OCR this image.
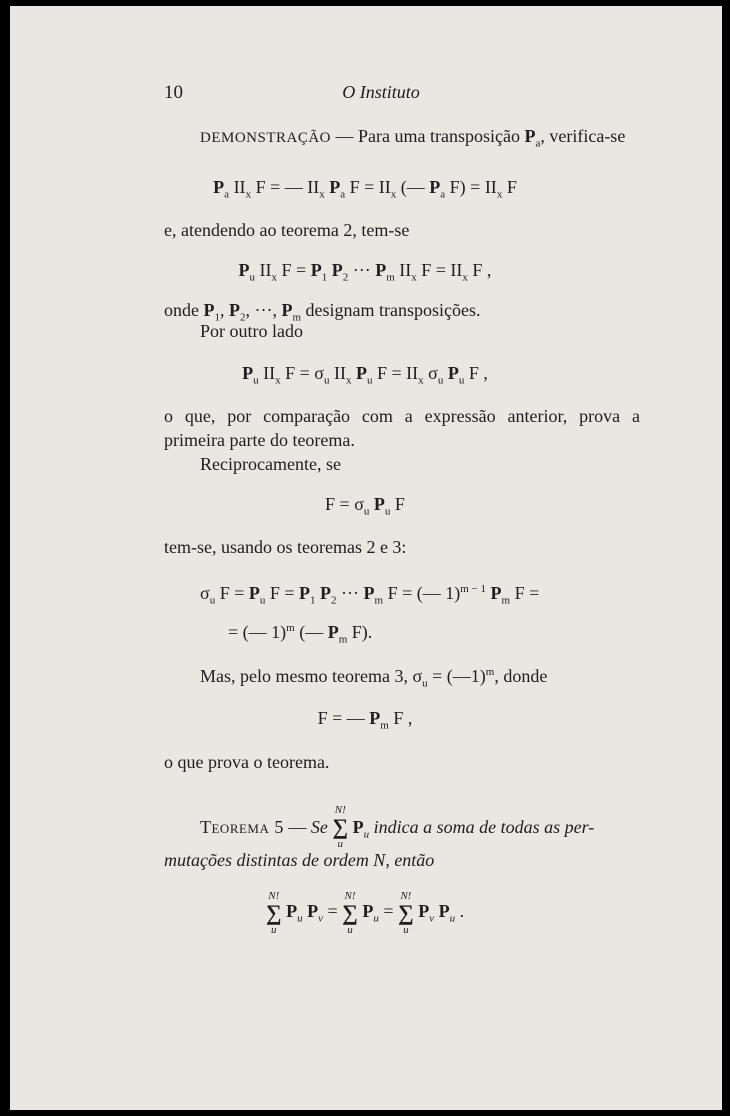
10	O Instituto
DEMONSTRAÇÃO — Para uma transposição $P_a$, verifica-se
$P_a$ $II_x$ F = — $II_x$ $P_a$ $F = II_x$ (— $P_a$ $F) = II_x$ F
e, atendendo ao teorema 2, tem-se
$P_u$ $II_x$ $F = P_1$ $P_2$ ··· $P_m$ $II_x$ $F = II_x$ F ,
onde $P_1$, $P_2$, ···, $P_m$ designam transposições.
Por outro lado
$P_u$ $II_x$ $F = \sigma_u$ $II_x$ $P_u$ $F = II_x$ $\sigma_u$ $P_u$ F ,
o que, por comparação com a expressão anterior, prova a
primeira parte do teorema.
Reciprocamente, se
$F = \sigma_u$ $P_u$ F
tem-se, usando os teoremas 2 e 3:
$\sigma_u$ $F = P_u$ $F = P_1$ $P_2$ ··· $P_m$ F = (— 1)$^{m - 1}$ $P_m$ F =
= (— 1)$^m$ (— $P_m$ F).
Mas, pelo mesmo teorema 3, $\sigma_u$ = (—1)$^m$, donde
F = — $P_m$ F ,
o que prova o teorema.
Teorema 5 — Se
N!
∑
u
$P_u$ indica a soma de todas as per-
mutações distintas de ordem N, então
N!
∑
u
$P_u$ $P_v$ =
N!
∑
u
$P_u$ =
N!
∑
u
$P_v$ $P_u$ .
